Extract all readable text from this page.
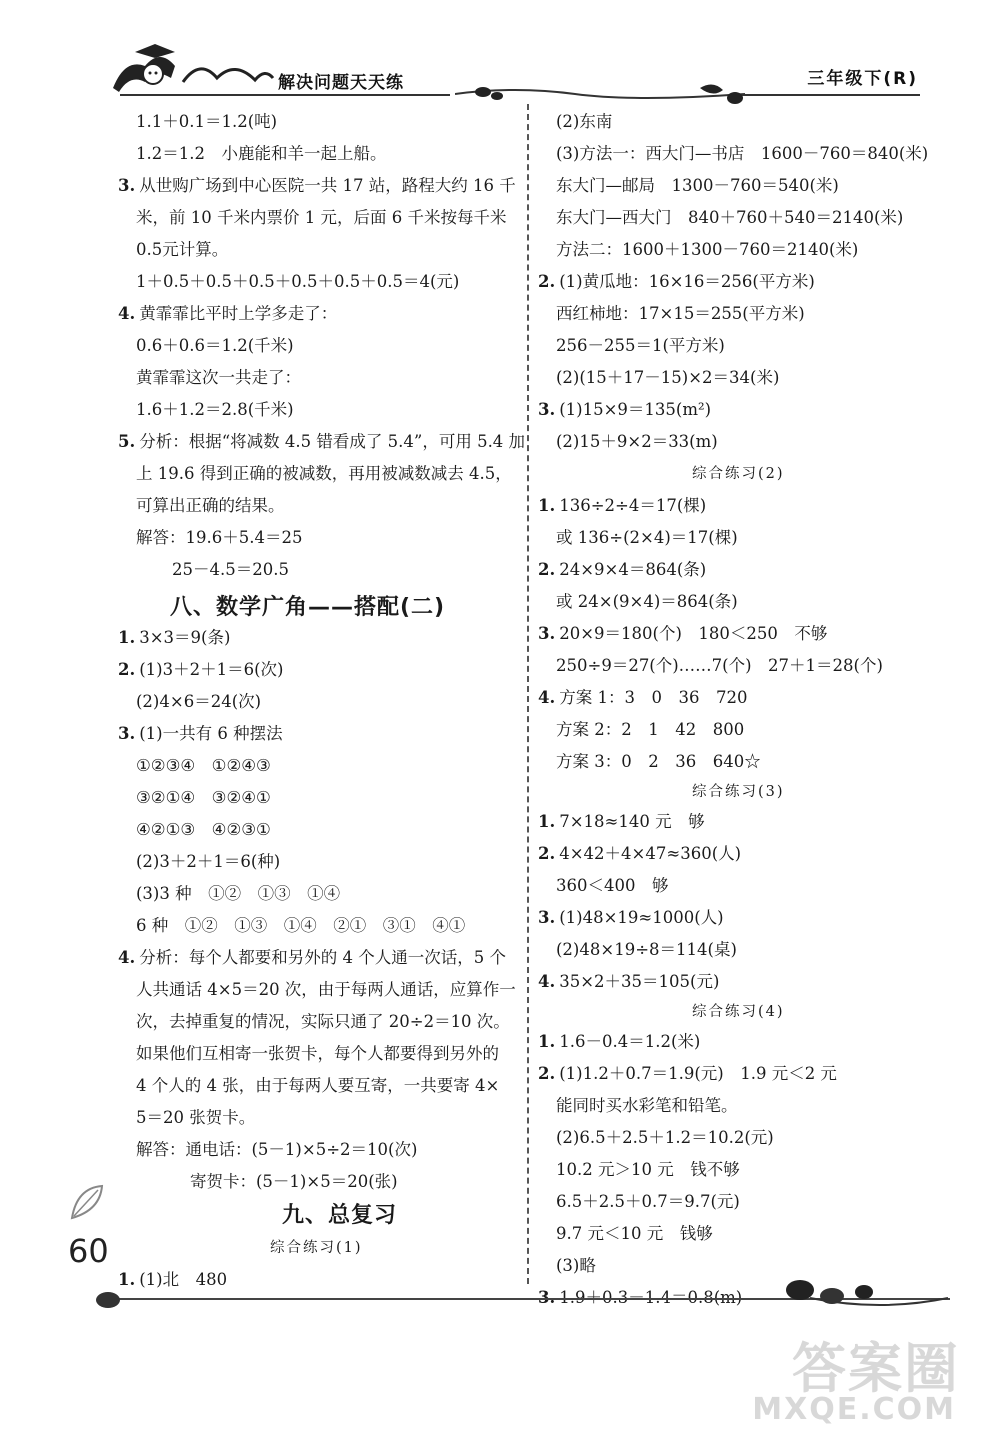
解决问题天天练	三年级下(R)
1.1＋0.1＝1.2(吨)
1.2＝1.2　小鹿能和羊一起上船。
3. 从世购广场到中心医院一共 17 站，路程大约 16 千
米，前 10 千米内票价 1 元，后面 6 千米按每千米
0.5元计算。
1＋0.5＋0.5＋0.5＋0.5＋0.5＋0.5＝4(元)
4. 黄霏霏比平时上学多走了：
0.6＋0.6＝1.2(千米)
黄霏霏这次一共走了：
1.6＋1.2＝2.8(千米)
5. 分析：根据“将减数 4.5 错看成了 5.4”，可用 5.4 加
上 19.6 得到正确的被减数，再用被减数减去 4.5，
可算出正确的结果。
解答：19.6＋5.4＝25
25－4.5＝20.5
1. 3×3＝9(条)
2. (1)3＋2＋1＝6(次)
(2)4×6＝24(次)
3. (1)一共有 6 种摆法
①②③④　①②④③
③②①④　③②④①
④②①③　④②③①
(2)3＋2＋1＝6(种)
(3)3 种　①②　①③　①④
6 种　①②　①③　①④　②①　③①　④①
4. 分析：每个人都要和另外的 4 个人通一次话，5 个
人共通话 4×5＝20 次，由于每两人通话，应算作一
次，去掉重复的情况，实际只通了 20÷2＝10 次。
如果他们互相寄一张贺卡，每个人都要得到另外的
4 个人的 4 张，由于每两人要互寄，一共要寄 4×
5＝20 张贺卡。
解答：通电话：(5－1)×5÷2＝10(次)
寄贺卡：(5－1)×5＝20(张)
1. (1)北　480
(2)东南
(3)方法一：西大门—书店　1600－760＝840(米)
东大门—邮局　1300－760＝540(米)
东大门—西大门　840＋760＋540＝2140(米)
方法二：1600＋1300－760＝2140(米)
2. (1)黄瓜地：16×16＝256(平方米)
西红柿地：17×15＝255(平方米)
256－255＝1(平方米)
(2)(15＋17－15)×2＝34(米)
3. (1)15×9＝135(m²)
(2)15＋9×2＝33(m)
1. 136÷2÷4＝17(棵)
或 136÷(2×4)＝17(棵)
2. 24×9×4＝864(条)
或 24×(9×4)＝864(条)
3. 20×9＝180(个)　180＜250　不够
250÷9＝27(个)……7(个)　27＋1＝28(个)
4. 方案 1：3　0　36　720
方案 2：2　1　42　800
方案 3：0　2　36　640☆
1. 7×18≈140 元　够
2. 4×42＋4×47≈360(人)
360＜400　够
3. (1)48×19≈1000(人)
(2)48×19÷8＝114(桌)
4. 35×2＋35＝105(元)
1. 1.6－0.4＝1.2(米)
2. (1)1.2＋0.7＝1.9(元)　1.9 元＜2 元
能同时买水彩笔和铅笔。
(2)6.5＋2.5＋1.2＝10.2(元)
10.2 元＞10 元　钱不够
6.5＋2.5＋0.7＝9.7(元)
9.7 元＜10 元　钱够
(3)略
60
答案圈
MXQE.COM
八、数学广角——搭配(二)
九、总复习
综合练习(1)
综合练习(2)
综合练习(3)
综合练习(4)
